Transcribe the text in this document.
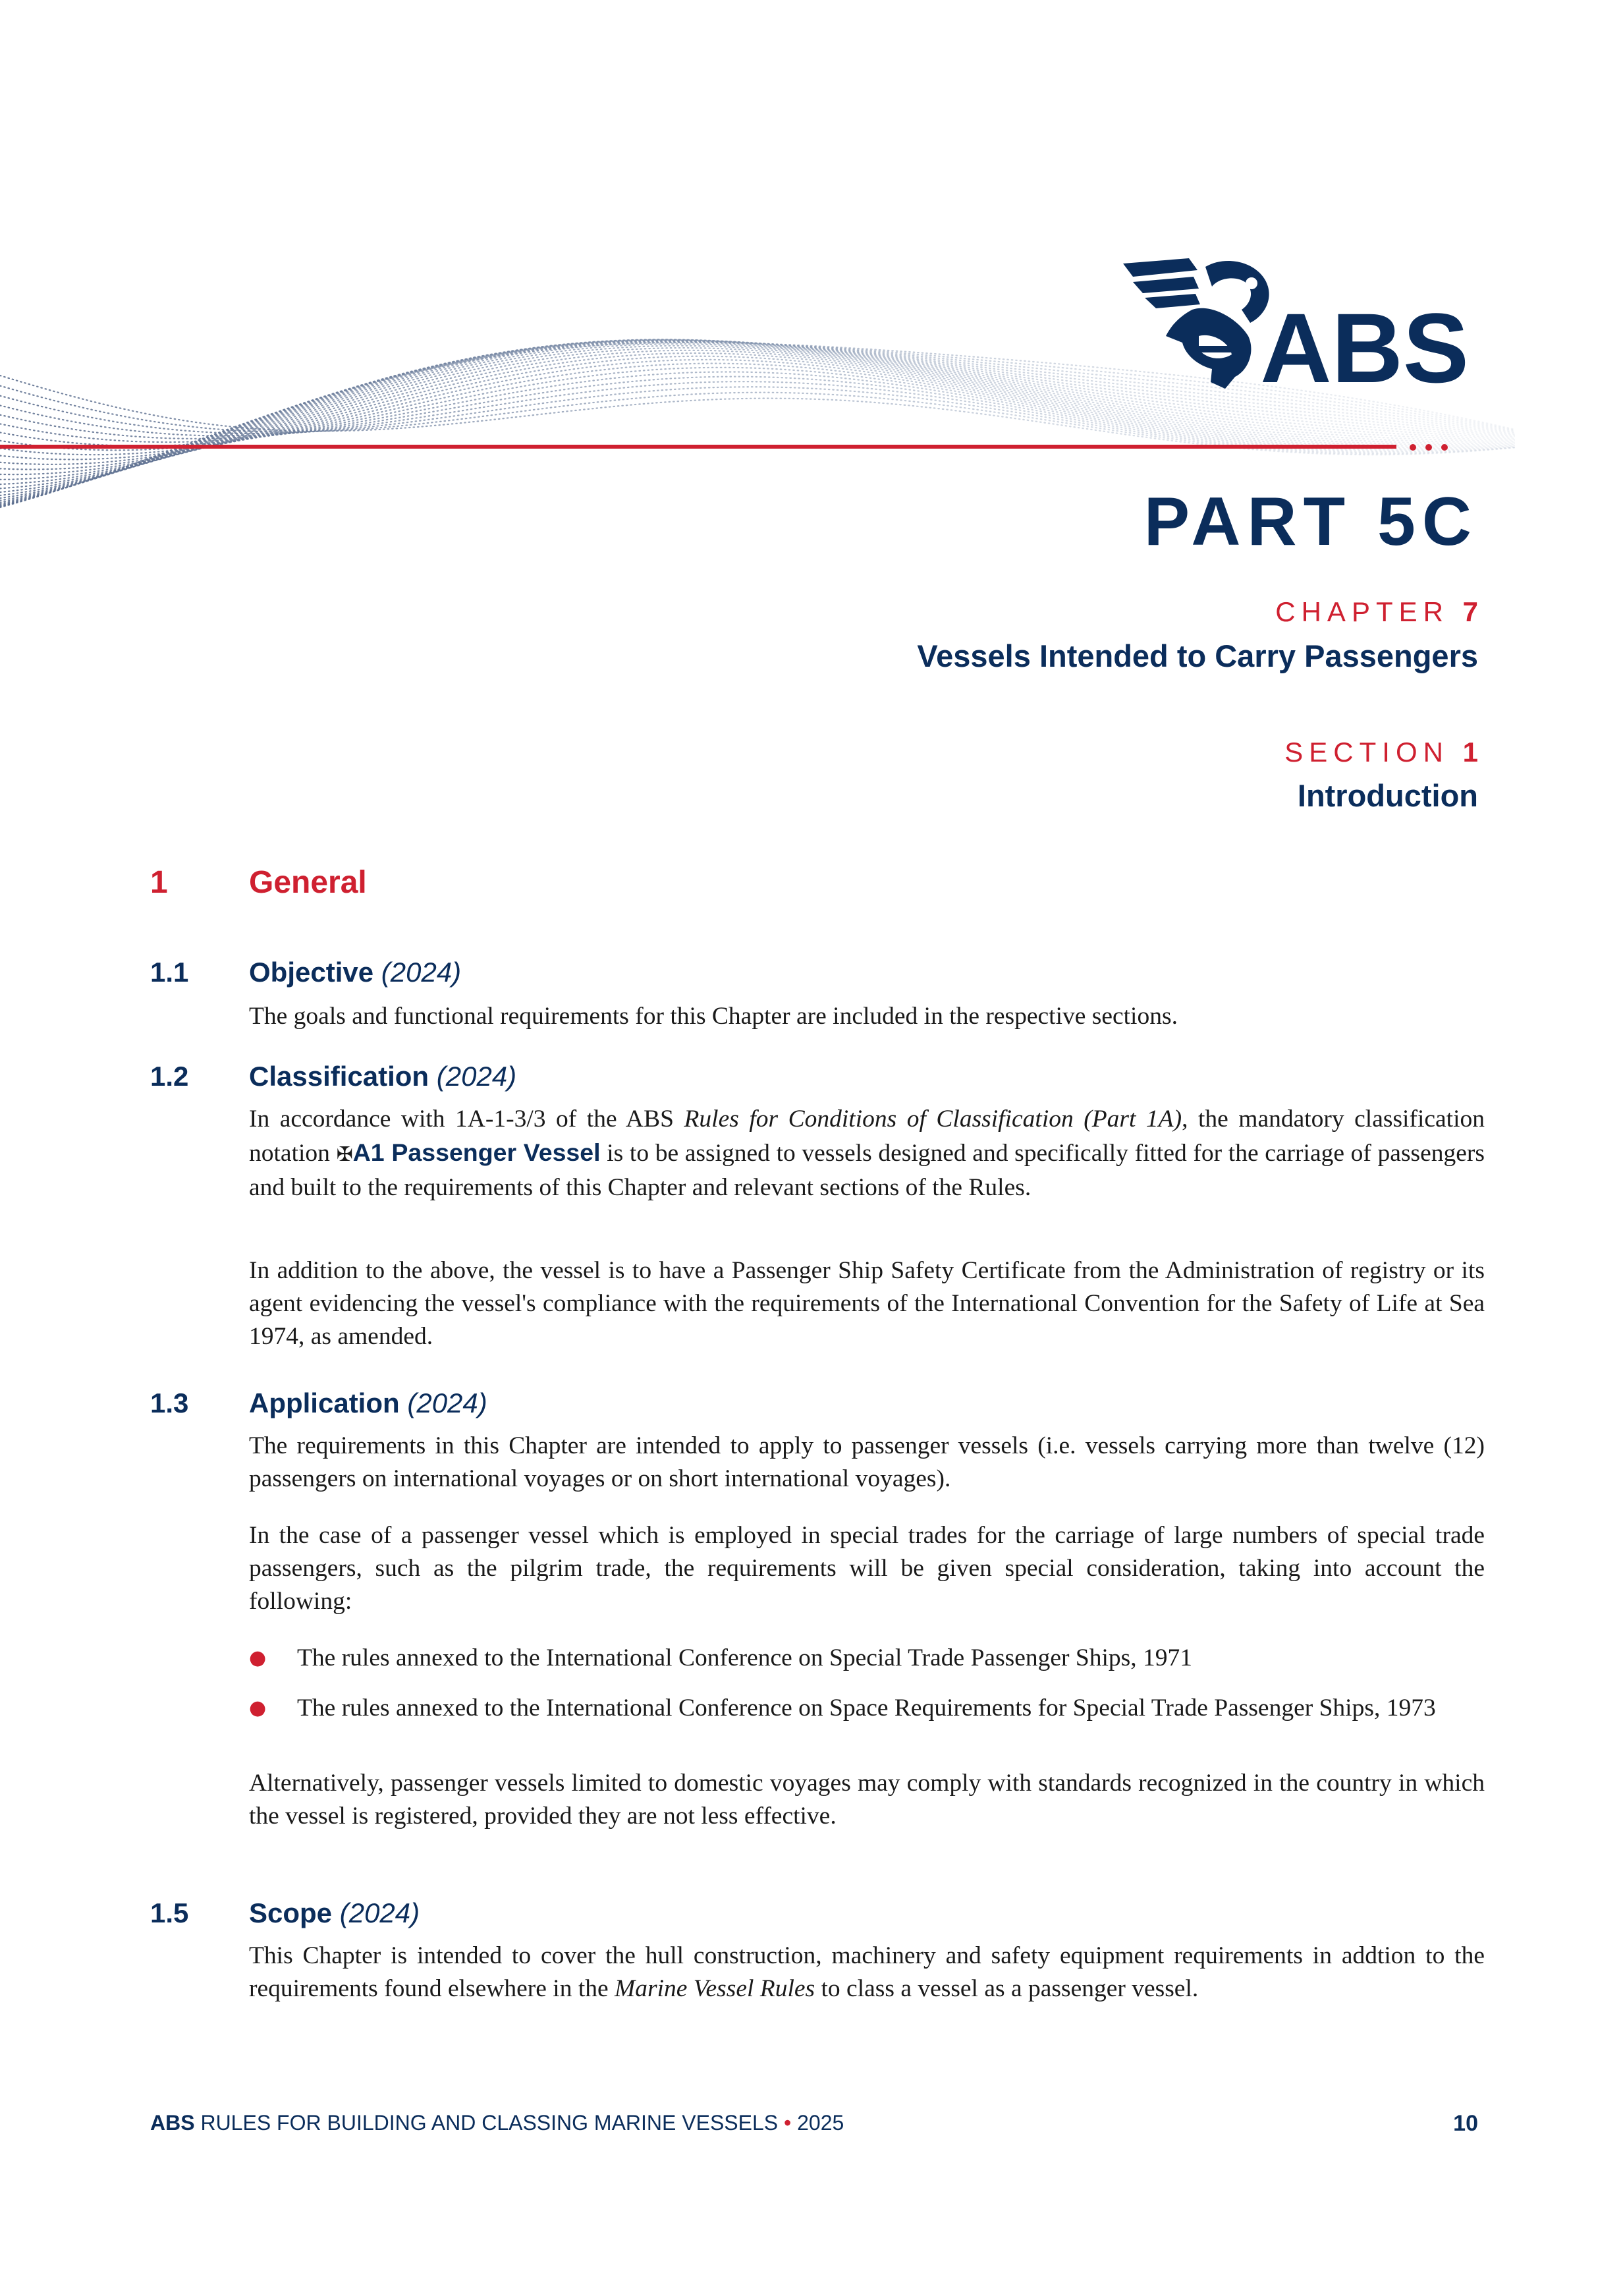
ABS
PART 5C
CHAPTER 7
Vessels Intended to Carry Passengers
SECTION 1
Introduction
1	General
1.1 Objective (2024)

The goals and functional requirements for this Chapter are included in the respective sections.

1.2 Classification (2024)

In accordance with 1A-1-3/3 of the ABS Rules for Conditions of Classification (Part 1A), the mandatory classification notation ✠A1 Passenger Vessel is to be assigned to vessels designed and specifically fitted for the carriage of passengers and built to the requirements of this Chapter and relevant sections of the Rules.

In addition to the above, the vessel is to have a Passenger Ship Safety Certificate from the Administration of registry or its agent evidencing the vessel's compliance with the requirements of the International Convention for the Safety of Life at Sea 1974, as amended.

1.3 Application (2024)

The requirements in this Chapter are intended to apply to passenger vessels (i.e. vessels carrying more than twelve (12) passengers on international voyages or on short international voyages).

In the case of a passenger vessel which is employed in special trades for the carriage of large numbers of special trade passengers, such as the pilgrim trade, the requirements will be given special consideration, taking into account the following:

● The rules annexed to the International Conference on Special Trade Passenger Ships, 1971
● The rules annexed to the International Conference on Space Requirements for Special Trade Passenger Ships, 1973

Alternatively, passenger vessels limited to domestic voyages may comply with standards recognized in the country in which the vessel is registered, provided they are not less effective.

1.5 Scope (2024)

This Chapter is intended to cover the hull construction, machinery and safety equipment requirements in addtion to the requirements found elsewhere in the Marine Vessel Rules to class a vessel as a passenger vessel.

ABS RULES FOR BUILDING AND CLASSING MARINE VESSELS • 2025	10
